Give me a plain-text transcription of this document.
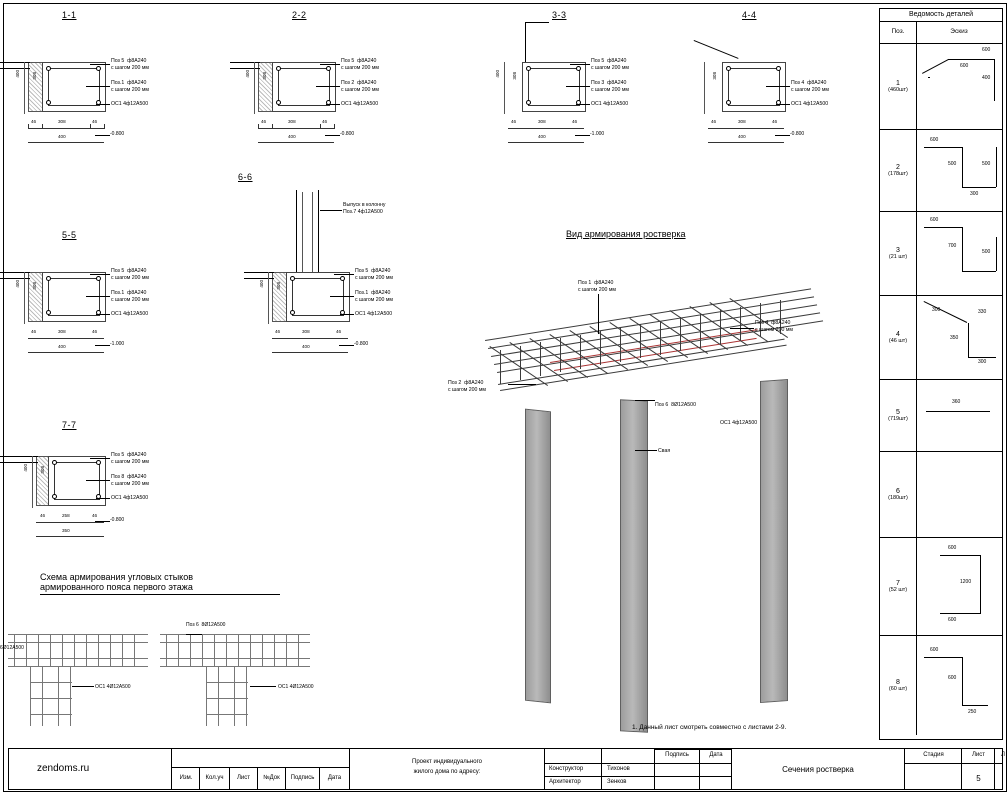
1-1
Поз 5  ф8А240
с шагом 200 мм
Поз.1  ф8А240
с шагом 200 мм
ОС1 4ф12А500
-0.800
308
46	46
400
308
400
2-2
Поз 5  ф8А240
с шагом 200 мм
Поз 2  ф8А240
с шагом 200 мм
ОС1 4ф12А500
-0.800
308
46	46
400
308
400
3-3
Поз 5  ф8А240
с шагом 200 мм
Поз 3  ф8А240
с шагом 200 мм
ОС1 4ф12А500
-1.000
308
46	46
400
308
400
4-4
Поз 4  ф8А240
с шагом 200 мм
ОС1 4ф12А500
-0.800
308
46	46
400
308
5-5
Поз 5  ф8А240
с шагом 200 мм
Поз.1  ф8А240
с шагом 200 мм
ОС1 4ф12А500
-1.000
308
46	46
400
308
400
6-6
Выпуск в колонну
Поз.7 4ф12А500
Поз 5  ф8А240
с шагом 200 мм
Поз.1  ф8А240
с шагом 200 мм
ОС1 4ф12А500
-0.800
308
46	46
400
308
400
7-7
Поз 5  ф8А240
с шагом 200 мм
Поз 8  ф8А240
с шагом 200 мм
ОС1 4ф12А500
-0.800
258
46	46
350
308
400
Схема армирования угловых стыков
армированного пояса первого этажа
6Ø12А500
Поз 6  8Ø12А500
ОС1 4Ø12А500	ОС1 4Ø12А500
Вид армирования ростверка
Поз 1  ф8А240
с шагом 200 мм
Поз 4  ф8А240
с шагом 200 мм
Поз 2  ф8А240
с шагом 200 мм
Поз 6  8Ø12А500
ОС1 4ф12А500
Свая
1. Данный лист смотреть совместно с листами 2-9.
Ведомость деталей
Поз.	Эскиз
1
(460шт)
600
600
400
2
(178шт)
600
500	500
300
3
(21 шт)
600
700
500
4
(46 шт)
300	330
350
300
5
(719шт)
360
6
(180шт)
7
(52 шт)
600
1200
600
8
(60 шт)
600
600
250
zendoms.ru
Изм.	Кол.уч	Лист	№Док	Подпись	Дата
Проект индивидуального
жилого дома по адресу:	Конструктор	Тихонов
Архитектор	Зенков
Подпись	Дата
Сечения ростверка
Стадия	Лист	Л
5
